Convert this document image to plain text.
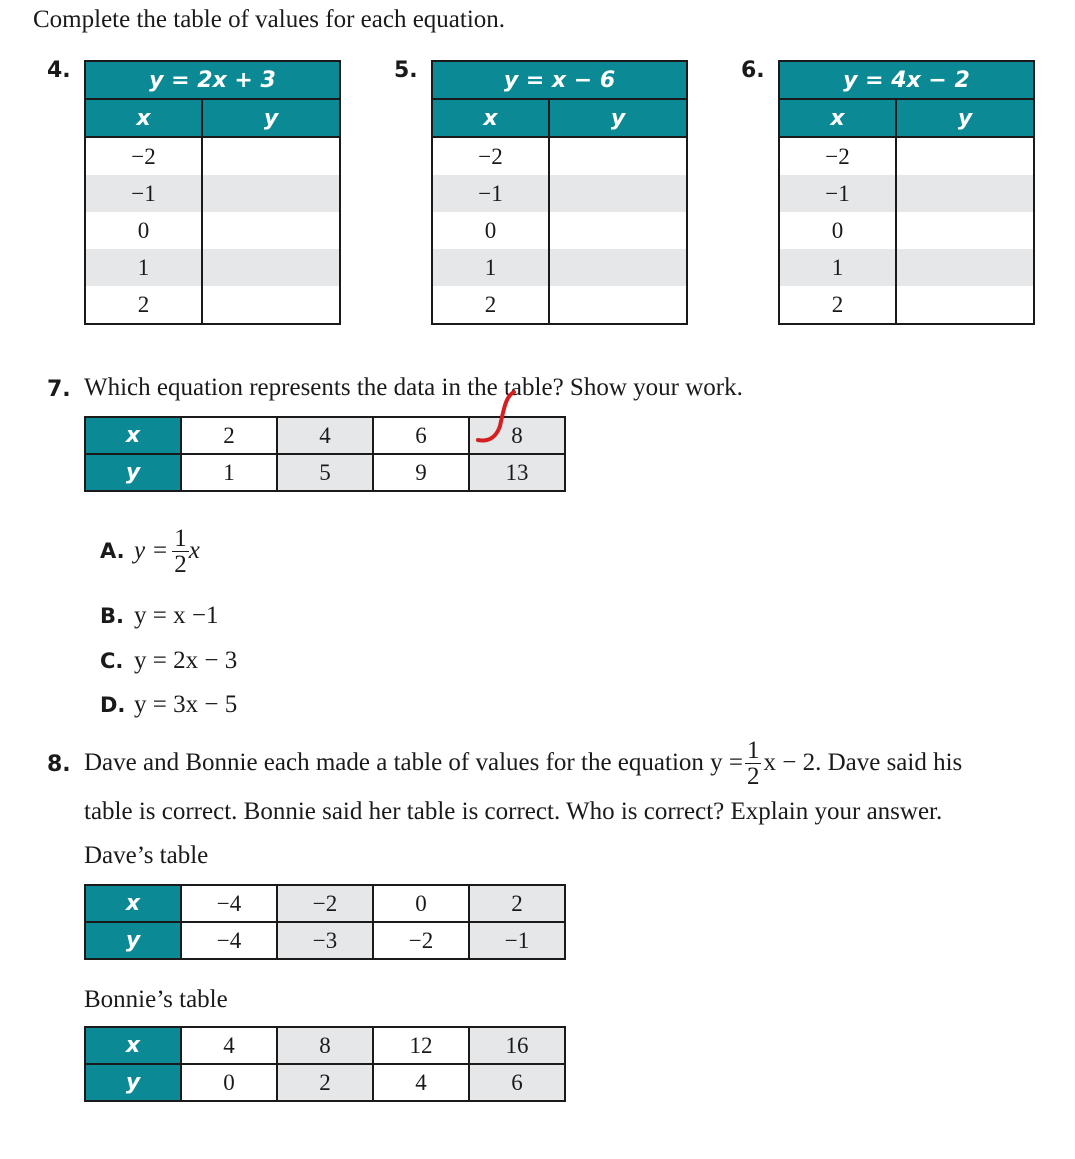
Complete the table of values for each equation.
4.	5.	6.
y = 2x + 3	
x	y
−2	
−1	
0	
1	
2	
y = x − 6	
x	y
−2	
−1	
0	
1	
2	
y = 4x − 2	
x	y
−2	
−1	
0	
1	
2	
7. Which equation represents the data in the table? Show your work.
x	2	4	6	8
y	1	5	9	13
A. $y = \frac{1}{2}$ x
B. y = x −1
C. y = 2x − 3
D. y = 3x − 5
8. Dave and Bonnie each made a table of values for the equation $y = \frac{1}{2}$ x − 2. Dave said his
table is correct. Bonnie said her table is correct. Who is correct? Explain your answer.
Dave’s table
x	−4	−2	0	2
y	−4	−3	−2	−1
Bonnie’s table
x	4	8	12	16
y	0	2	4	6
